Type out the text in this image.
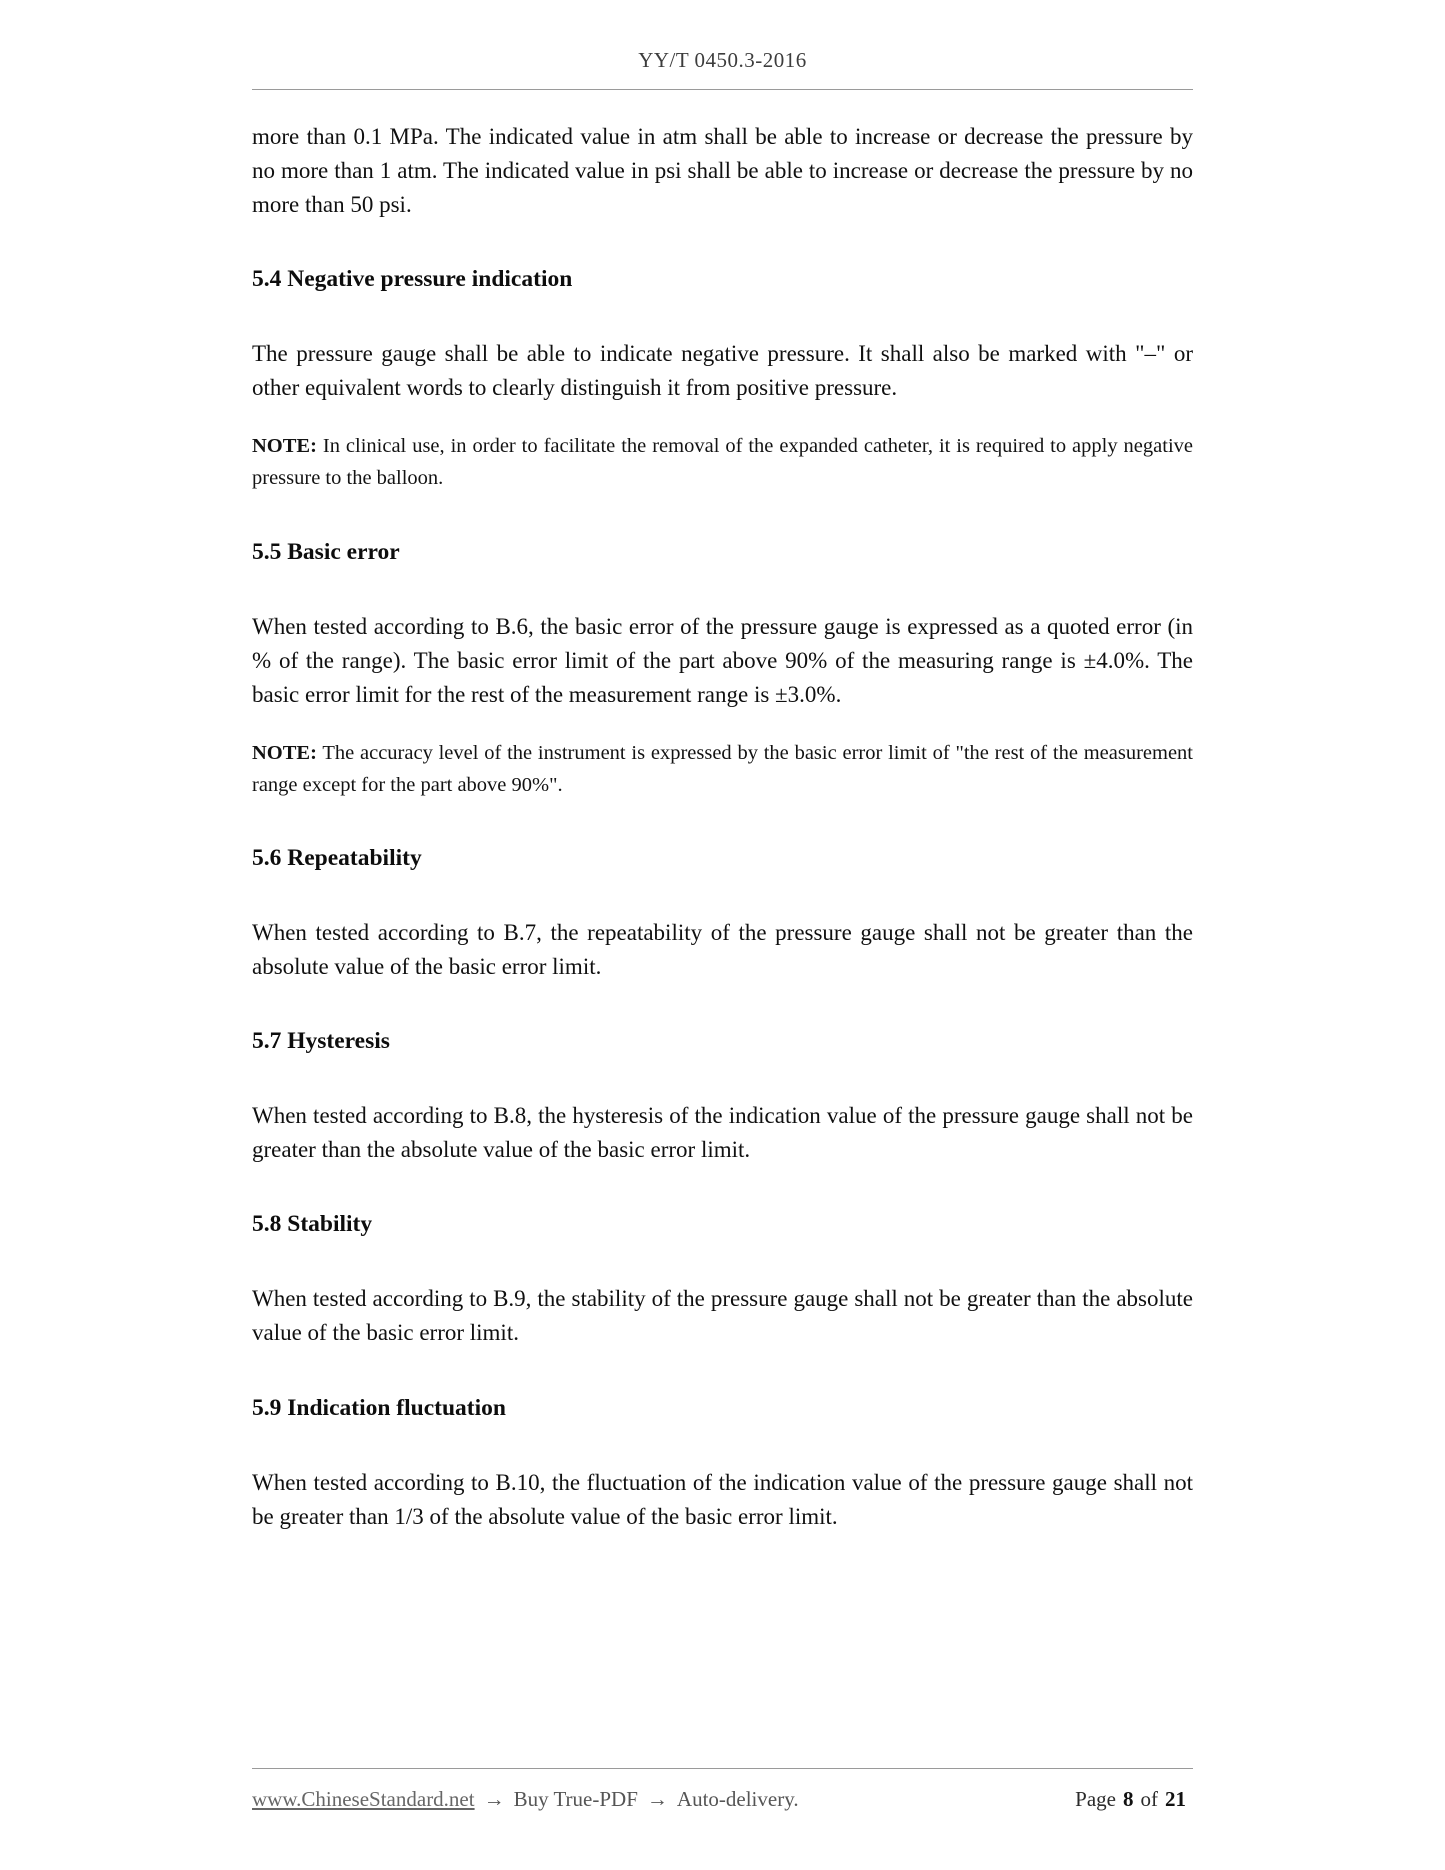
YY/T 0450.3-2016

more than 0.1 MPa. The indicated value in atm shall be able to increase or decrease the pressure by no more than 1 atm. The indicated value in psi shall be able to increase or decrease the pressure by no more than 50 psi.

5.4 Negative pressure indication

The pressure gauge shall be able to indicate negative pressure. It shall also be marked with "–" or other equivalent words to clearly distinguish it from positive pressure.

NOTE: In clinical use, in order to facilitate the removal of the expanded catheter, it is required to apply negative pressure to the balloon.

5.5 Basic error

When tested according to B.6, the basic error of the pressure gauge is expressed as a quoted error (in % of the range). The basic error limit of the part above 90% of the measuring range is ±4.0%. The basic error limit for the rest of the measurement range is ±3.0%.

NOTE: The accuracy level of the instrument is expressed by the basic error limit of "the rest of the measurement range except for the part above 90%".

5.6 Repeatability

When tested according to B.7, the repeatability of the pressure gauge shall not be greater than the absolute value of the basic error limit.

5.7 Hysteresis

When tested according to B.8, the hysteresis of the indication value of the pressure gauge shall not be greater than the absolute value of the basic error limit.

5.8 Stability

When tested according to B.9, the stability of the pressure gauge shall not be greater than the absolute value of the basic error limit.

5.9 Indication fluctuation

When tested according to B.10, the fluctuation of the indication value of the pressure gauge shall not be greater than 1/3 of the absolute value of the basic error limit.

www.ChineseStandard.net → Buy True-PDF → Auto-delivery.	Page 8 of 21
